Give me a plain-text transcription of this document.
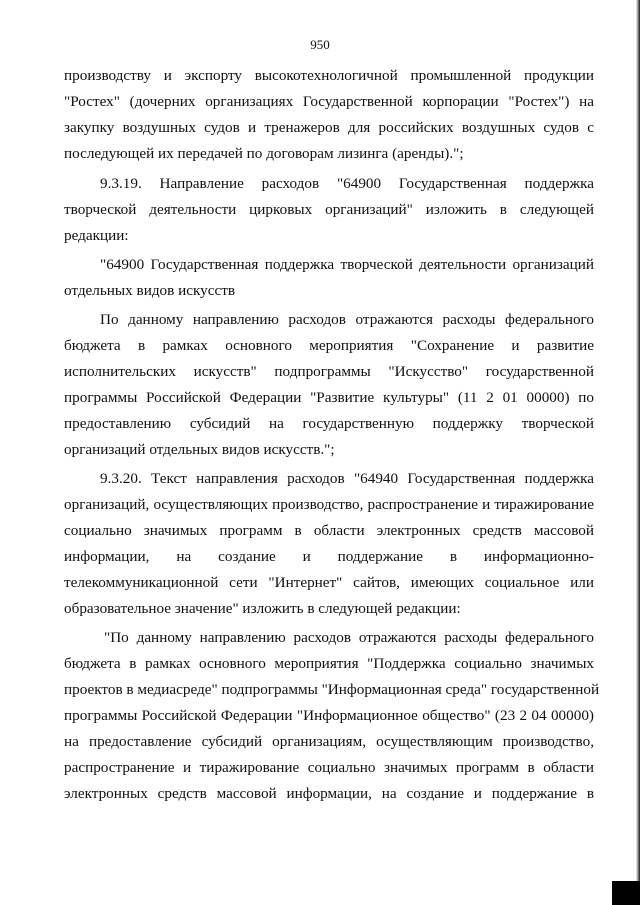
950
производству и экспорту высокотехнологичной промышленной продукции
"Ростех" (дочерних организациях Государственной корпорации "Ростех") на
закупку воздушных судов и тренажеров для российских воздушных судов с
последующей их передачей по договорам лизинга (аренды).";
9.3.19. Направление расходов "64900 Государственная поддержка
творческой деятельности цирковых организаций" изложить в следующей
редакции:
"64900 Государственная поддержка творческой деятельности организаций
отдельных видов искусств
По данному направлению расходов отражаются расходы федерального
бюджета в рамках основного мероприятия "Сохранение и развитие
исполнительских искусств" подпрограммы "Искусство" государственной
программы Российской Федерации "Развитие культуры" (11 2 01 00000) по
предоставлению субсидий на государственную поддержку творческой
организаций отдельных видов искусств.";
9.3.20. Текст направления расходов "64940 Государственная поддержка
организаций, осуществляющих производство, распространение и тиражирование
социально значимых программ в области электронных средств массовой
информации, на создание и поддержание в информационно-
телекоммуникационной сети "Интернет" сайтов, имеющих социальное или
образовательное значение" изложить в следующей редакции:
"По данному направлению расходов отражаются расходы федерального
бюджета в рамках основного мероприятия "Поддержка социально значимых
проектов в медиасреде" подпрограммы "Информационная среда" государственной
программы Российской Федерации "Информационное общество" (23 2 04 00000)
на предоставление субсидий организациям, осуществляющим производство,
распространение и тиражирование социально значимых программ в области
электронных средств массовой информации, на создание и поддержание в
